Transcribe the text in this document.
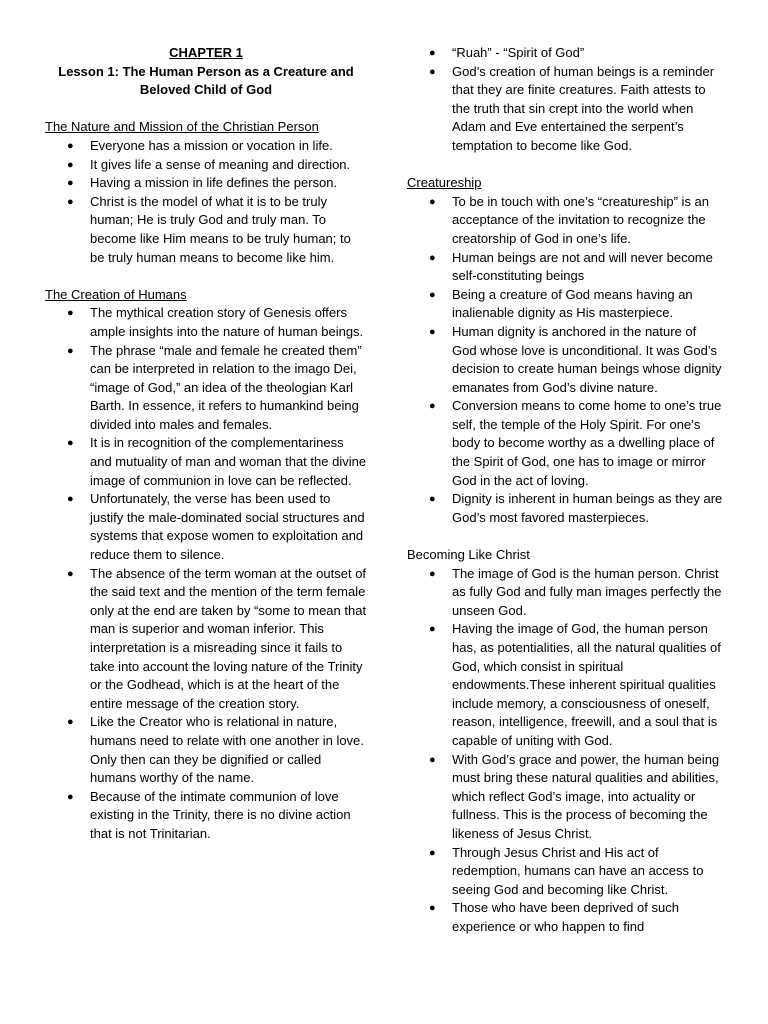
CHAPTER 1
Lesson 1: The Human Person as a Creature and
Beloved Child of God
The Nature and Mission of the Christian Person
● Everyone has a mission or vocation in life.
● It gives life a sense of meaning and direction.
● Having a mission in life defines the person.
● Christ is the model of what it is to be truly human; He is truly God and truly man. To become like Him means to be truly human; to be truly human means to become like him.
The Creation of Humans
● The mythical creation story of Genesis offers ample insights into the nature of human beings.
● The phrase “male and female he created them” can be interpreted in relation to the imago Dei, “image of God,” an idea of the theologian Karl Barth. In essence, it refers to humankind being divided into males and females.
● It is in recognition of the complementariness and mutuality of man and woman that the divine image of communion in love can be reflected.
● Unfortunately, the verse has been used to justify the male-dominated social structures and systems that expose women to exploitation and reduce them to silence.
● The absence of the term woman at the outset of the said text and the mention of the term female only at the end are taken by “some to mean that man is superior and woman inferior. This interpretation is a misreading since it fails to take into account the loving nature of the Trinity or the Godhead, which is at the heart of the entire message of the creation story.
● Like the Creator who is relational in nature, humans need to relate with one another in love. Only then can they be dignified or called humans worthy of the name.
● Because of the intimate communion of love existing in the Trinity, there is no divine action that is not Trinitarian.
● “Ruah” - “Spirit of God”
● God’s creation of human beings is a reminder that they are finite creatures. Faith attests to the truth that sin crept into the world when Adam and Eve entertained the serpent’s temptation to become like God.
Creatureship
● To be in touch with one’s “creatureship” is an acceptance of the invitation to recognize the creatorship of God in one’s life.
● Human beings are not and will never become self-constituting beings
● Being a creature of God means having an inalienable dignity as His masterpiece.
● Human dignity is anchored in the nature of God whose love is unconditional. It was God’s decision to create human beings whose dignity emanates from God’s divine nature.
● Conversion means to come home to one’s true self, the temple of the Holy Spirit. For one’s body to become worthy as a dwelling place of the Spirit of God, one has to image or mirror God in the act of loving.
● Dignity is inherent in human beings as they are God’s most favored masterpieces.
Becoming Like Christ
● The image of God is the human person. Christ as fully God and fully man images perfectly the unseen God.
● Having the image of God, the human person has, as potentialities, all the natural qualities of God, which consist in spiritual endowments.These inherent spiritual qualities include memory, a consciousness of oneself, reason, intelligence, freewill, and a soul that is capable of uniting with God.
● With God’s grace and power, the human being must bring these natural qualities and abilities, which reflect God’s image, into actuality or fullness. This is the process of becoming the likeness of Jesus Christ.
● Through Jesus Christ and His act of redemption, humans can have an access to seeing God and becoming like Christ.
● Those who have been deprived of such experience or who happen to find
